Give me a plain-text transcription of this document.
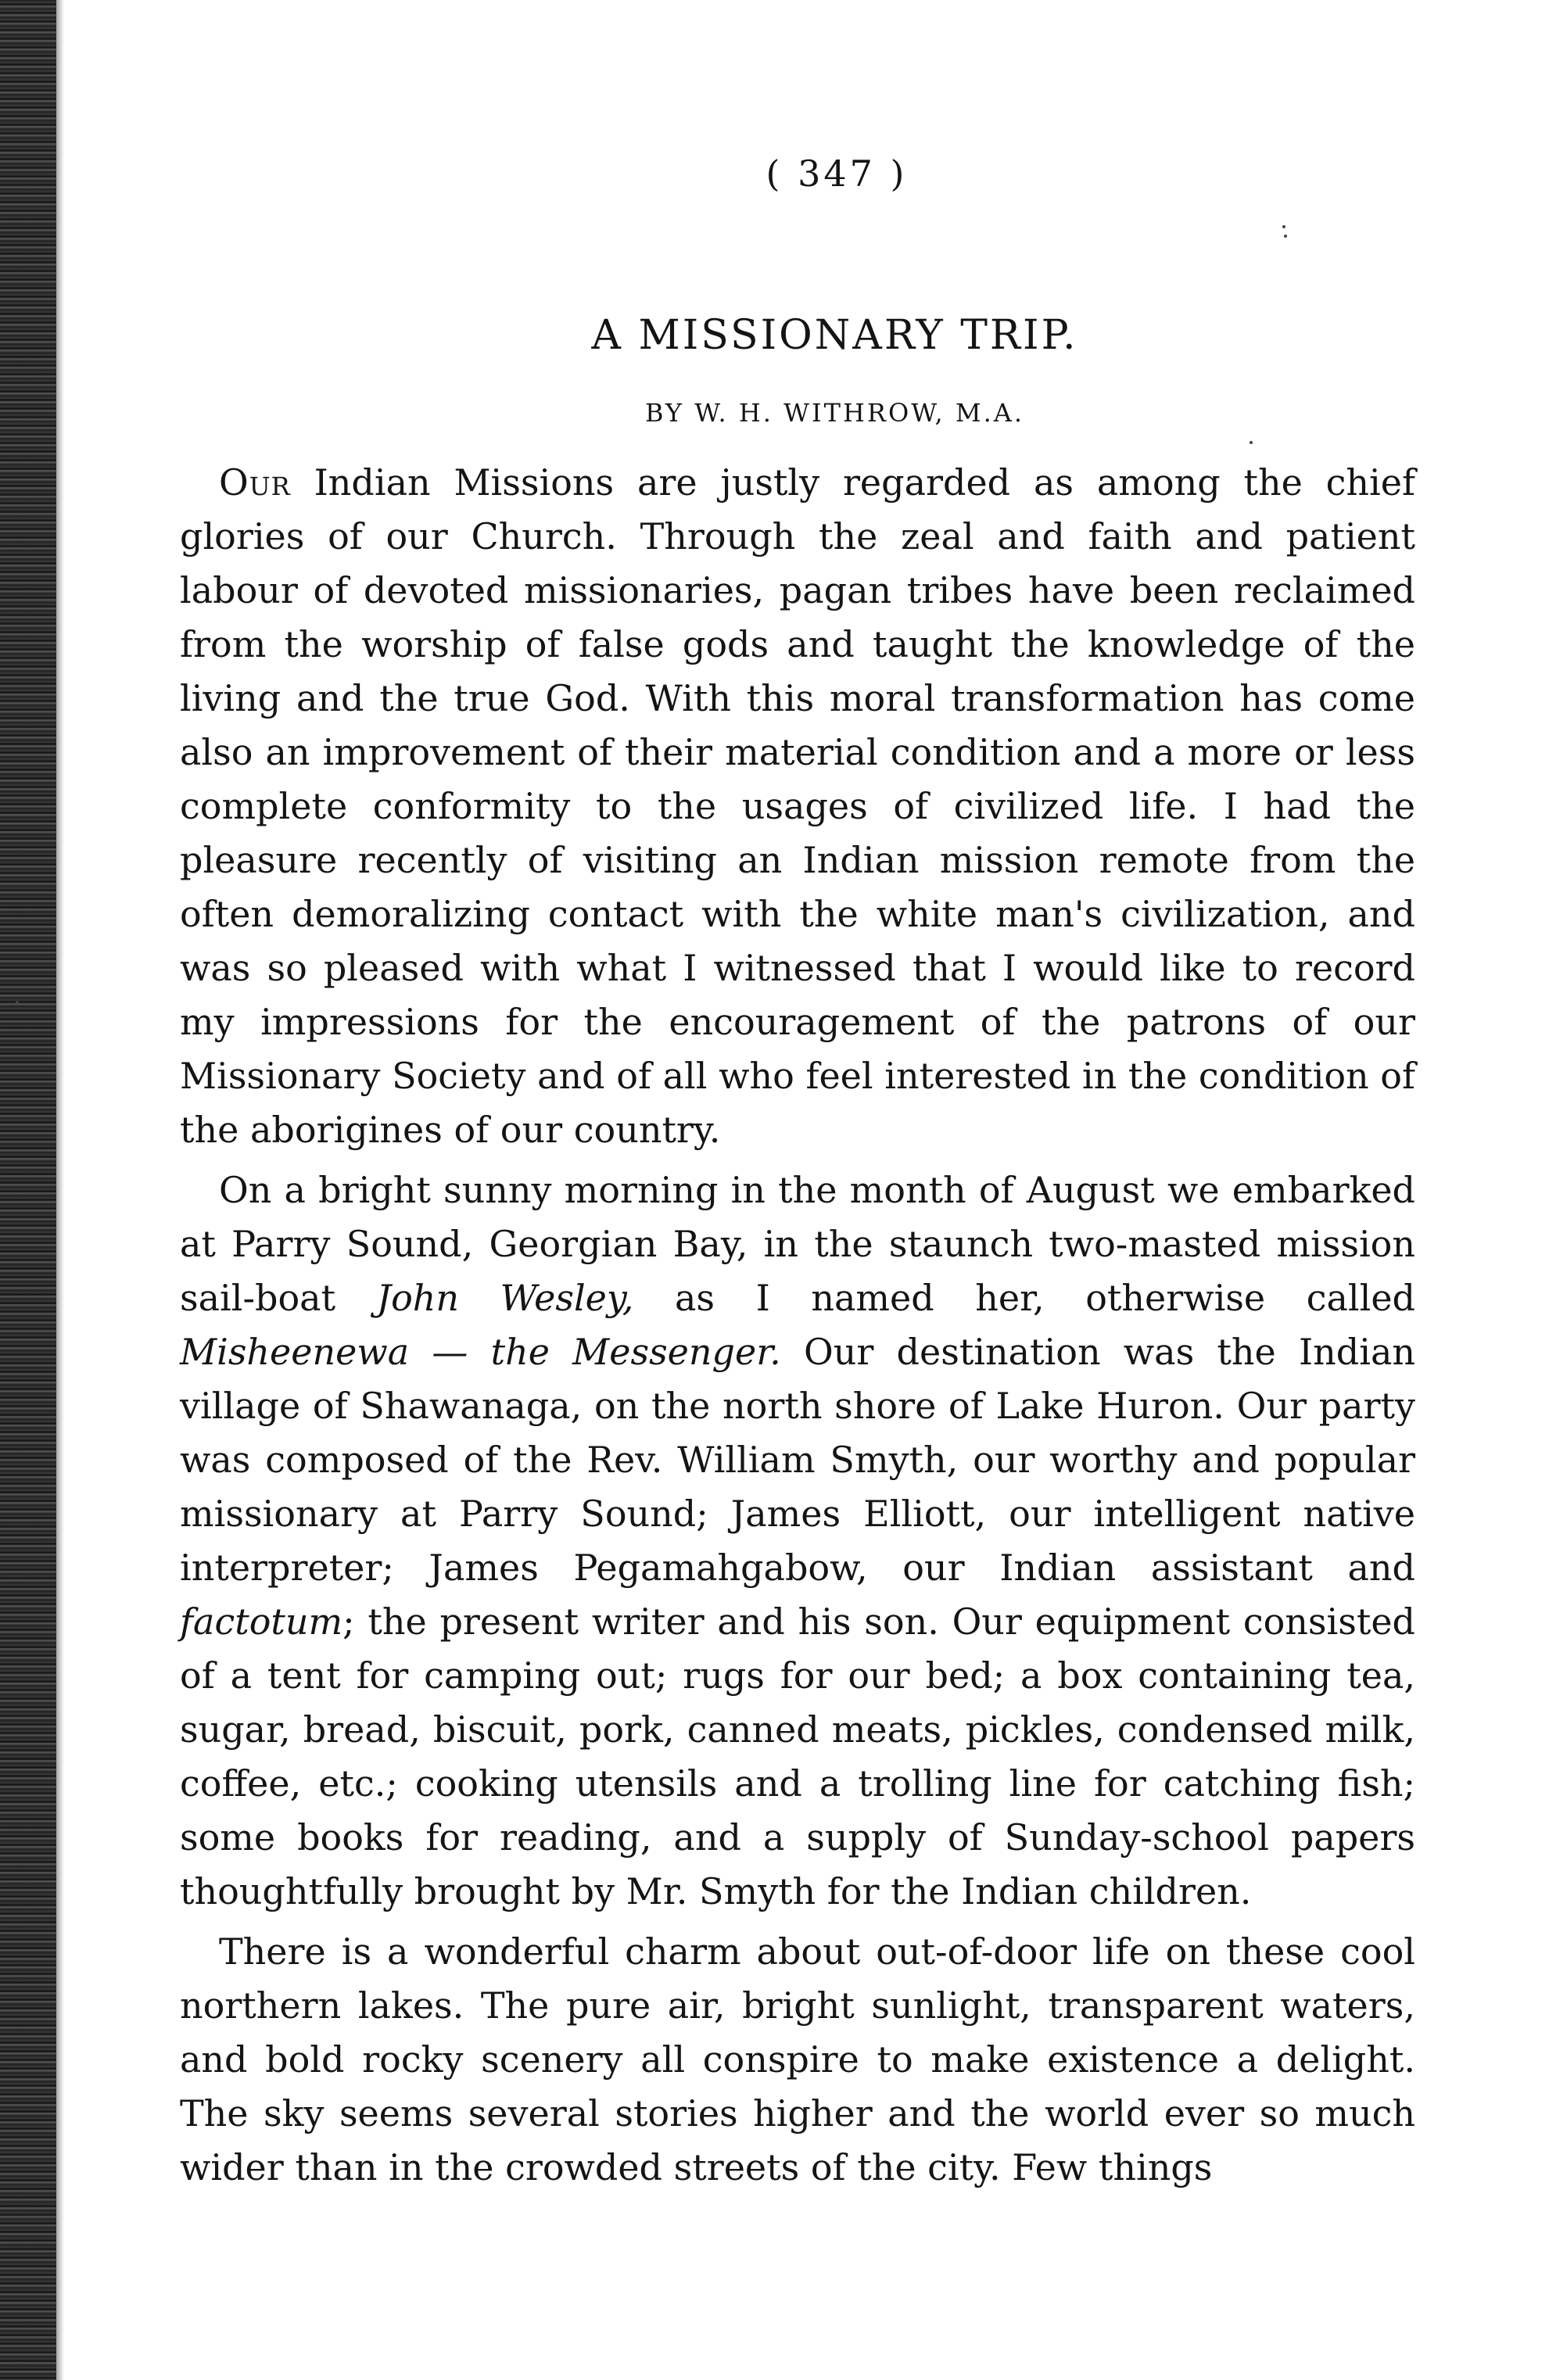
( 347 )
A MISSIONARY TRIP.
BY W. H. WITHROW, M.A.

Our Indian Missions are justly regarded as among the chief glories of our Church. Through the zeal and faith and patient labour of devoted missionaries, pagan tribes have been reclaimed from the worship of false gods and taught the knowledge of the living and the true God. With this moral transformation has come also an improvement of their material condition and a more or less complete conformity to the usages of civilized life. I had the pleasure recently of visiting an Indian mission remote from the often demoralizing contact with the white man's civilization, and was so pleased with what I witnessed that I would like to record my impressions for the encouragement of the patrons of our Missionary Society and of all who feel interested in the condition of the aborigines of our country.

On a bright sunny morning in the month of August we embarked at Parry Sound, Georgian Bay, in the staunch two-masted mission sail-boat John Wesley, as I named her, otherwise called Misheenewa — the Messenger. Our destination was the Indian village of Shawanaga, on the north shore of Lake Huron. Our party was composed of the Rev. William Smyth, our worthy and popular missionary at Parry Sound; James Elliott, our intelligent native interpreter; James Pegamahgabow, our Indian assistant and factotum; the present writer and his son. Our equipment consisted of a tent for camping out; rugs for our bed; a box containing tea, sugar, bread, biscuit, pork, canned meats, pickles, condensed milk, coffee, etc.; cooking utensils and a trolling line for catching fish; some books for reading, and a supply of Sunday-school papers thoughtfully brought by Mr. Smyth for the Indian children.

There is a wonderful charm about out-of-door life on these cool northern lakes. The pure air, bright sunlight, transparent waters, and bold rocky scenery all conspire to make existence a delight. The sky seems several stories higher and the world ever so much wider than in the crowded streets of the city. Few things
